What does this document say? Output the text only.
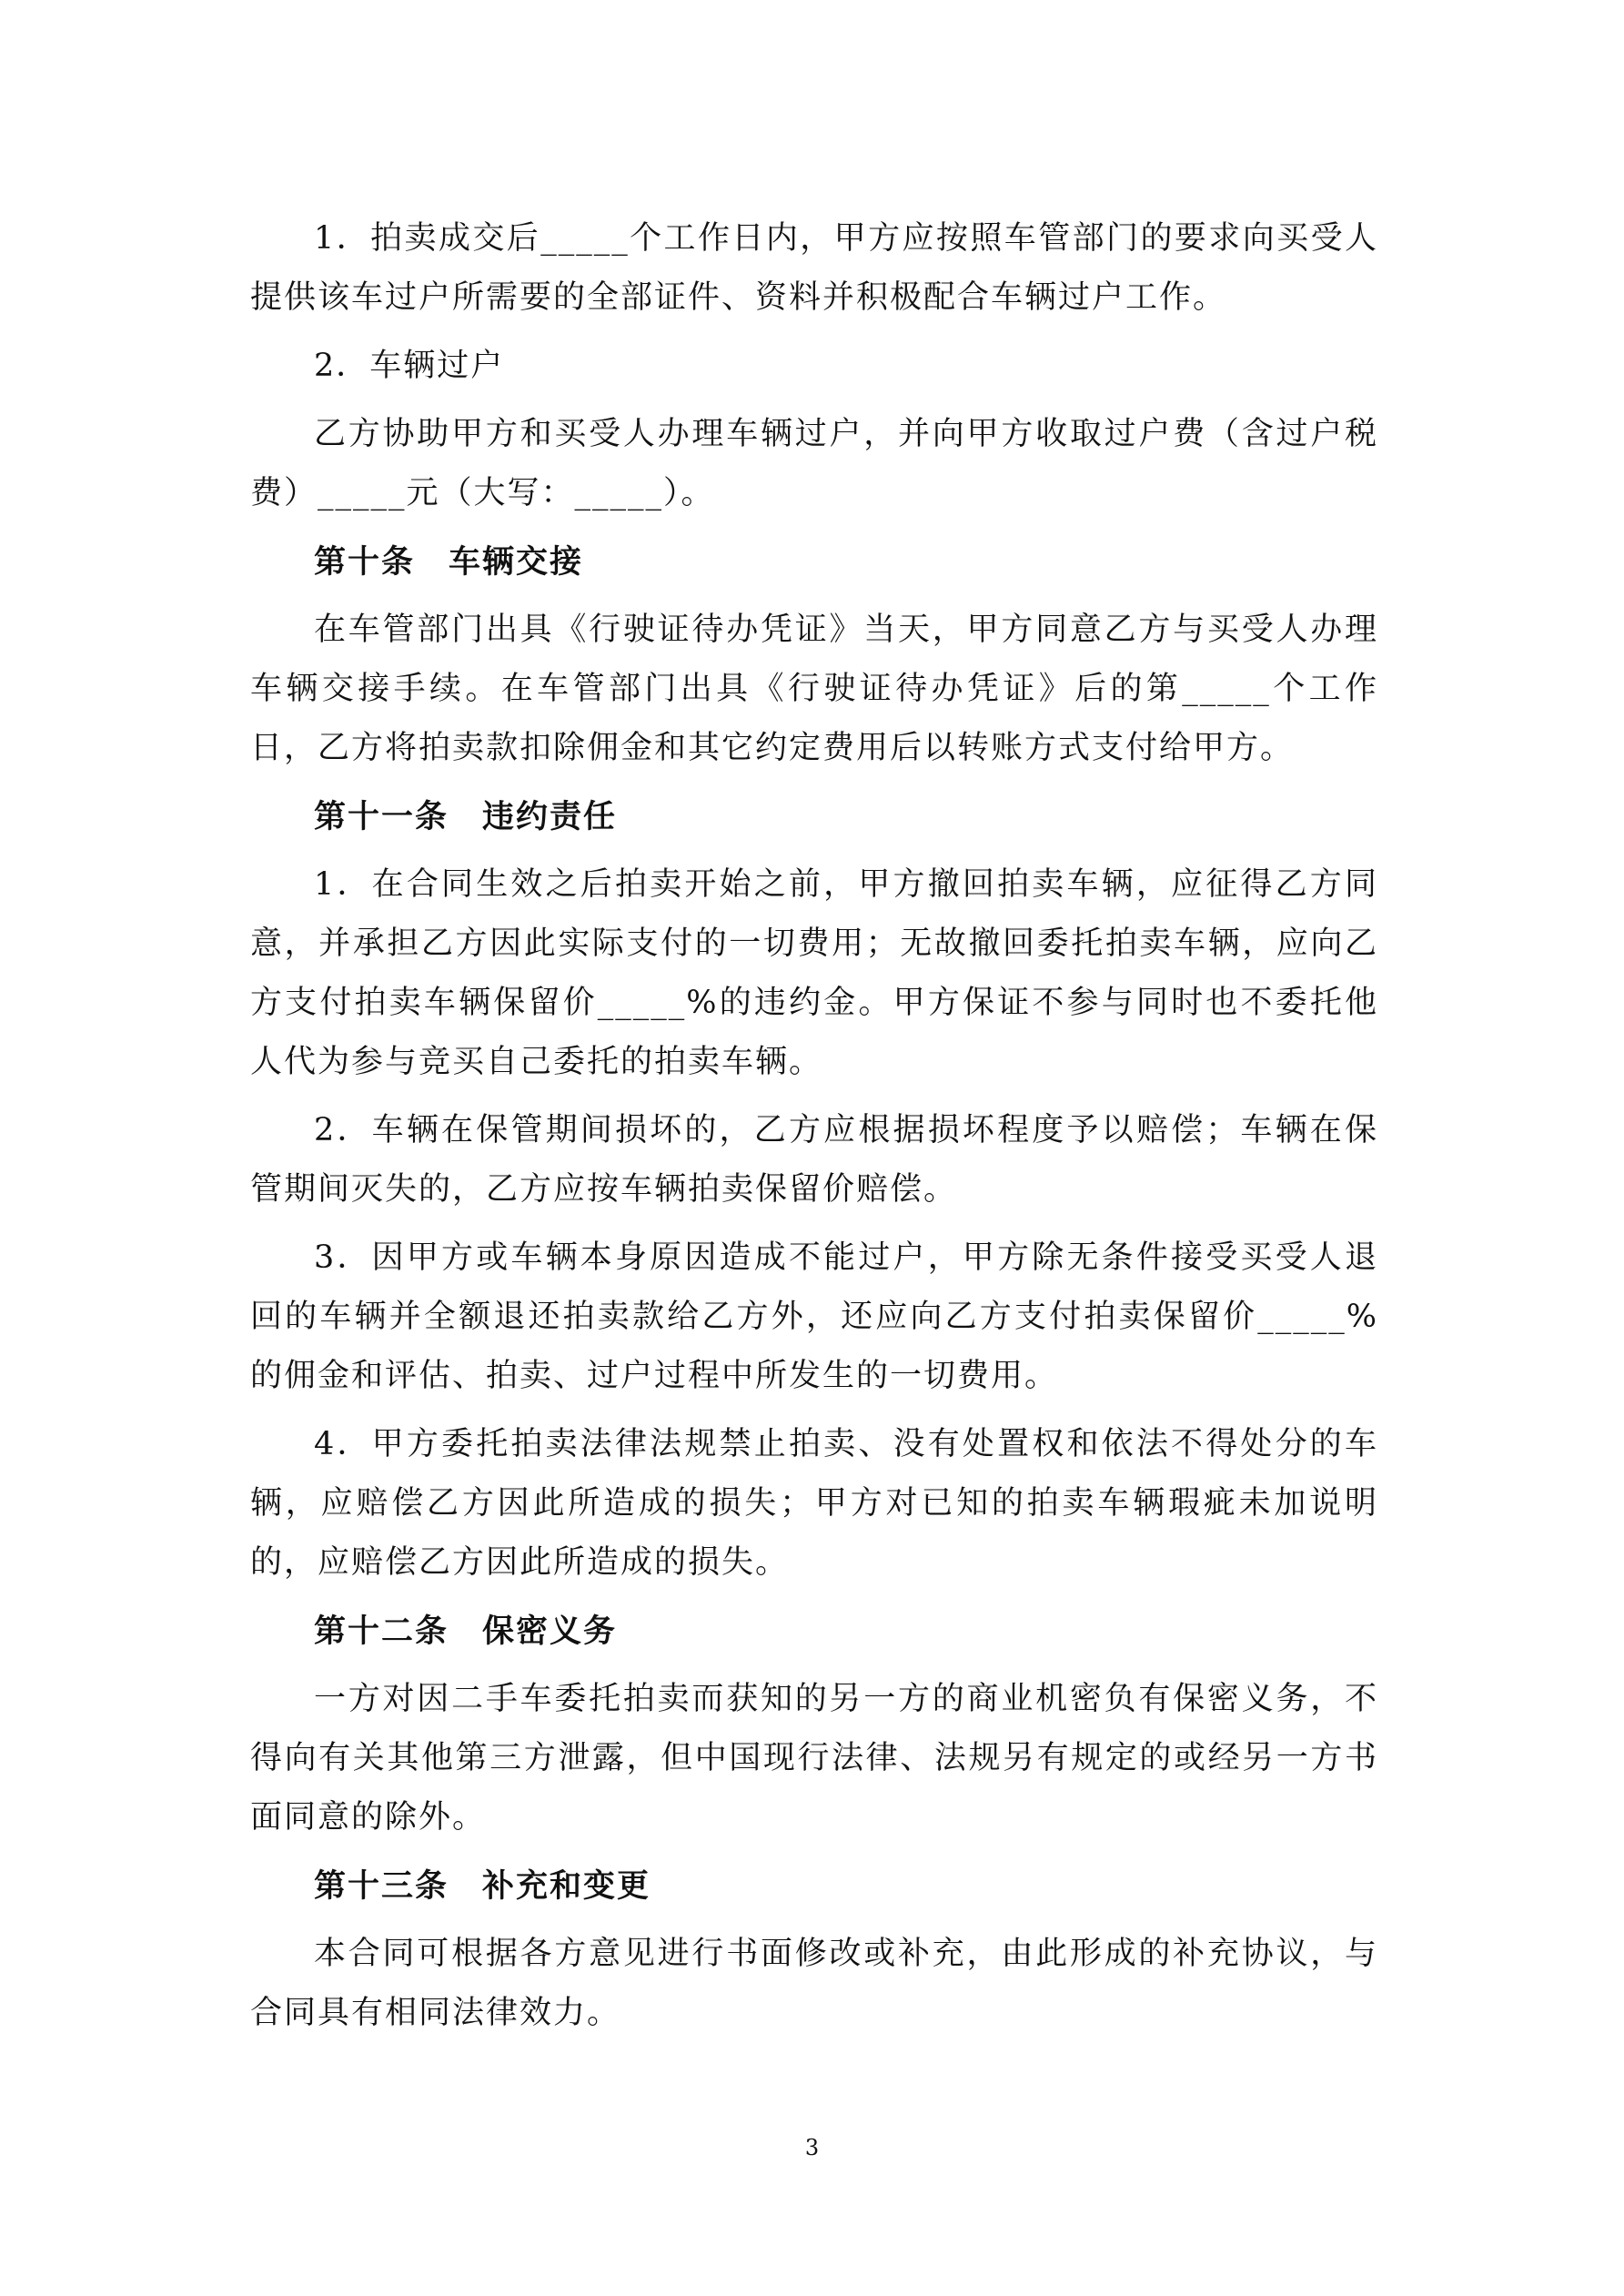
1．拍卖成交后_____个工作日内，甲方应按照车管部门的要求向买受人提供该车过户所需要的全部证件、资料并积极配合车辆过户工作。

2．车辆过户

乙方协助甲方和买受人办理车辆过户，并向甲方收取过户费（含过户税费）_____元（大写：_____）。

第十条　车辆交接

在车管部门出具《行驶证待办凭证》当天，甲方同意乙方与买受人办理车辆交接手续。在车管部门出具《行驶证待办凭证》后的第_____个工作日，乙方将拍卖款扣除佣金和其它约定费用后以转账方式支付给甲方。

第十一条　违约责任

1．在合同生效之后拍卖开始之前，甲方撤回拍卖车辆，应征得乙方同意，并承担乙方因此实际支付的一切费用；无故撤回委托拍卖车辆，应向乙方支付拍卖车辆保留价_____%的违约金。甲方保证不参与同时也不委托他人代为参与竞买自己委托的拍卖车辆。

2．车辆在保管期间损坏的，乙方应根据损坏程度予以赔偿；车辆在保管期间灭失的，乙方应按车辆拍卖保留价赔偿。

3．因甲方或车辆本身原因造成不能过户，甲方除无条件接受买受人退回的车辆并全额退还拍卖款给乙方外，还应向乙方支付拍卖保留价_____%的佣金和评估、拍卖、过户过程中所发生的一切费用。

4．甲方委托拍卖法律法规禁止拍卖、没有处置权和依法不得处分的车辆，应赔偿乙方因此所造成的损失；甲方对已知的拍卖车辆瑕疵未加说明的，应赔偿乙方因此所造成的损失。

第十二条　保密义务

一方对因二手车委托拍卖而获知的另一方的商业机密负有保密义务，不得向有关其他第三方泄露，但中国现行法律、法规另有规定的或经另一方书面同意的除外。

第十三条　补充和变更

本合同可根据各方意见进行书面修改或补充，由此形成的补充协议，与合同具有相同法律效力。

3
